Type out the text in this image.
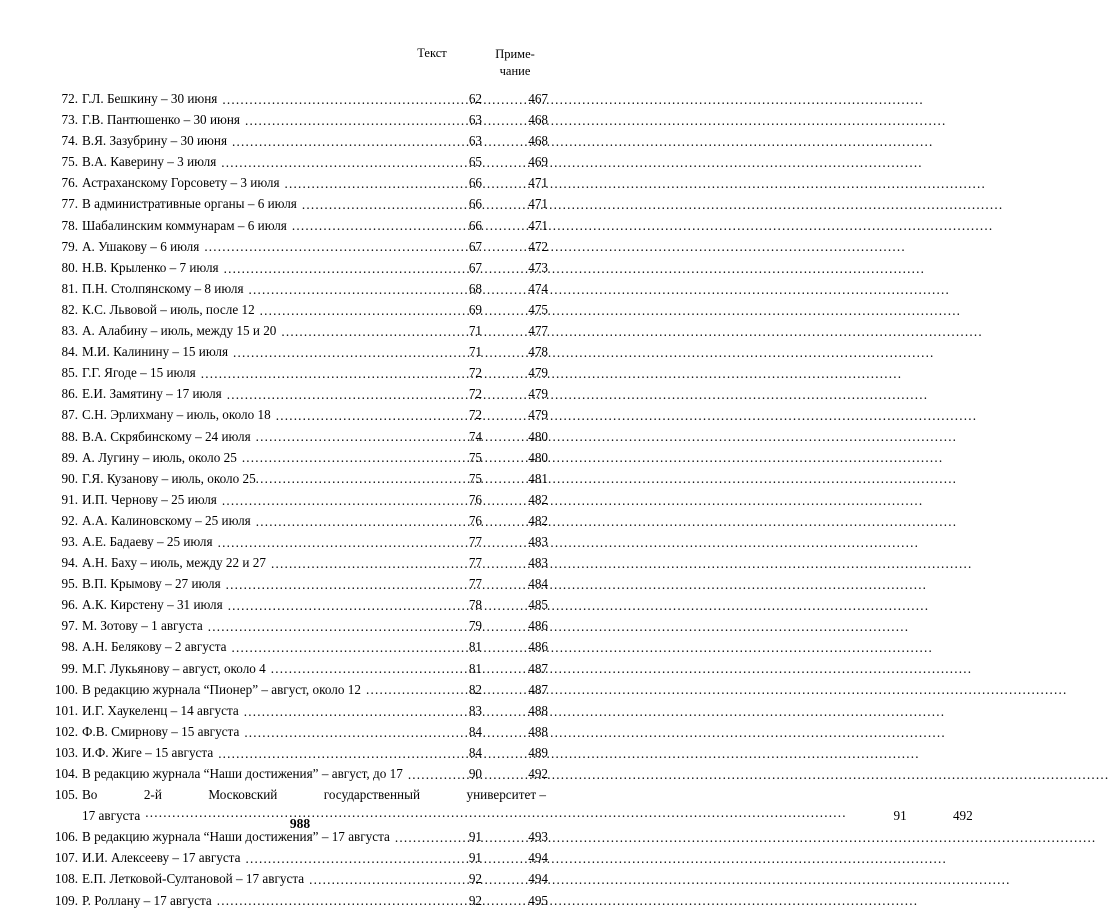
Текст	Приме-
чание
72. Г.Л. Бешкину – 30 июня .....	62	467
73. Г.В. Пантюшенко – 30 июня .....	63	468
74. В.Я. Зазубрину – 30 июня .....	63	468
75. В.А. Каверину – 3 июля .....	65	469
76. Астраханскому Горсовету – 3 июля .....	66	471
77. В административные органы – 6 июля .....	66	471
78. Шабалинским коммунарам – 6 июля .....	66	471
79. А. Ушакову – 6 июля .....	67	472
80. Н.В. Крыленко – 7 июля .....	67	473
81. П.Н. Столпянскому – 8 июля .....	68	474
82. К.С. Львовой – июль, после 12 .....	69	475
83. А. Алабину – июль, между 15 и 20 .....	71	477
84. М.И. Калинину – 15 июля .....	71	478
85. Г.Г. Ягоде – 15 июля .....	72	479
86. Е.И. Замятину – 17 июля .....	72	479
87. С.Н. Эрлихману – июль, около 18 .....	72	479
88. В.А. Скрябинскому – 24 июля .....	74	480
89. А. Лугину – июль, около 25 .....	75	480
90. Г.Я. Кузанову – июль, около 25 .....	75	481
91. И.П. Чернову – 25 июля .....	76	482
92. А.А. Калиновскому – 25 июля .....	76	482
93. А.Е. Бадаеву – 25 июля .....	77	483
94. А.Н. Баху – июль, между 22 и 27 .....	77	483
95. В.П. Крымову – 27 июля .....	77	484
96. А.К. Кирстену – 31 июля .....	78	485
97. М. Зотову – 1 августа .....	79	486
98. А.Н. Белякову – 2 августа .....	81	486
99. М.Г. Лукьянову – август, около 4 .....	81	487
100. В редакцию журнала “Пионер” – август, около 12 .....	82	487
101. И.Г. Хаукеленц – 14 августа .....	83	488
102. Ф.В. Смирнову – 15 августа .....	84	488
103. И.Ф. Жиге – 15 августа .....	84	489
104. В редакцию журнала “Наши достижения” – август, до 17 .....	90	492
105. Во	2-й	Московский	государственный	университет –
17 августа .....	91	492
106. В редакцию журнала “Наши достижения” – 17 августа .....	91	493
107. И.И. Алексееву – 17 августа .....	91	494
108. Е.П. Летковой-Султановой – 17 августа .....	92	494
109. Р. Роллану – 17 августа .....	92	495
988
